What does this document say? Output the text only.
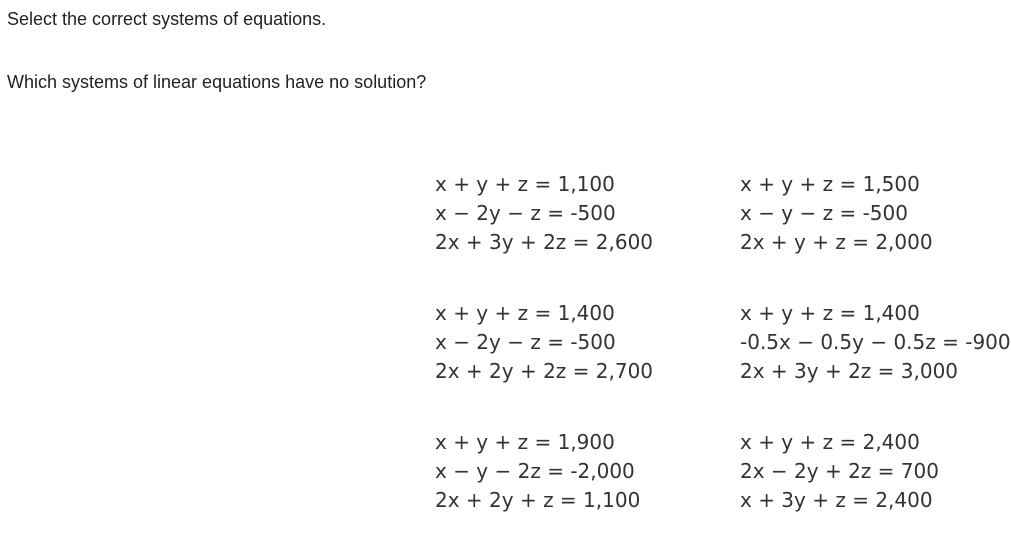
Select the correct systems of equations.
Which systems of linear equations have no solution?
x + y + z = 1,100
x − 2y − z = -500
2x + 3y + 2z = 2,600
x + y + z = 1,500
x − y − z = -500
2x + y + z = 2,000
x + y + z = 1,400
x − 2y − z = -500
2x + 2y + 2z = 2,700
x + y + z = 1,400
-0.5x − 0.5y − 0.5z = -900
2x + 3y + 2z = 3,000
x + y + z = 1,900
x − y − 2z = -2,000
2x + 2y + z = 1,100
x + y + z = 2,400
2x − 2y + 2z = 700
x + 3y + z = 2,400
